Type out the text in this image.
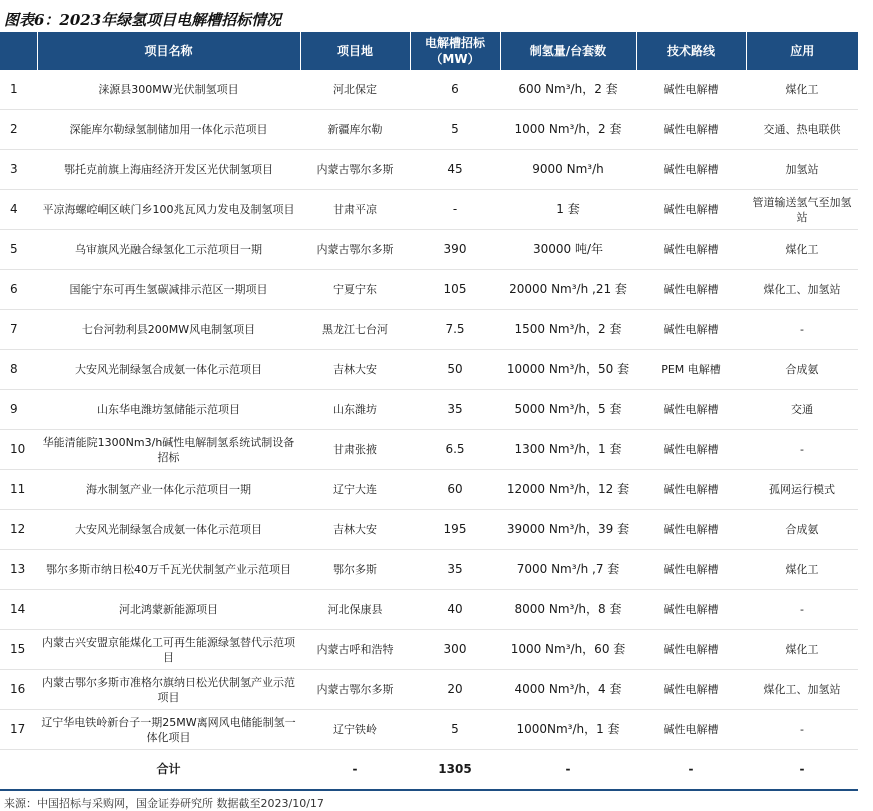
图表6：2023年绿氢项目电解槽招标情况
	项目名称	项目地	电解槽招标（MW）	制氢量/台套数	技术路线	应用
1	涞源县300MW光伏制氢项目	河北保定	6	600 Nm³/h，2 套	碱性电解槽	煤化工
2	深能库尔勒绿氢制储加用一体化示范项目	新疆库尔勒	5	1000 Nm³/h，2 套	碱性电解槽	交通、热电联供
3	鄂托克前旗上海庙经济开发区光伏制氢项目	内蒙古鄂尔多斯	45	9000 Nm³/h	碱性电解槽	加氢站
4	平凉海螺崆峒区峡门乡100兆瓦风力发电及制氢项目	甘肃平凉	-	1 套	碱性电解槽	管道输送氢气至加氢站
5	乌审旗风光融合绿氢化工示范项目一期	内蒙古鄂尔多斯	390	30000 吨/年	碱性电解槽	煤化工
6	国能宁东可再生氢碳减排示范区一期项目	宁夏宁东	105	20000 Nm³/h ,21 套	碱性电解槽	煤化工、加氢站
7	七台河勃利县200MW风电制氢项目	黑龙江七台河	7.5	1500 Nm³/h，2 套	碱性电解槽	-
8	大安风光制绿氢合成氨一体化示范项目	吉林大安	50	10000 Nm³/h，50 套	PEM 电解槽	合成氨
9	山东华电潍坊氢储能示范项目	山东潍坊	35	5000 Nm³/h，5 套	碱性电解槽	交通
10	华能清能院1300Nm3/h碱性电解制氢系统试制设备招标	甘肃张掖	6.5	1300 Nm³/h，1 套	碱性电解槽	-
11	海水制氢产业一体化示范项目一期	辽宁大连	60	12000 Nm³/h，12 套	碱性电解槽	孤网运行模式
12	大安风光制绿氢合成氨一体化示范项目	吉林大安	195	39000 Nm³/h，39 套	碱性电解槽	合成氨
13	鄂尔多斯市纳日松40万千瓦光伏制氢产业示范项目	鄂尔多斯	35	7000 Nm³/h ,7 套	碱性电解槽	煤化工
14	河北鸿蒙新能源项目	河北保康县	40	8000 Nm³/h，8 套	碱性电解槽	-
15	内蒙古兴安盟京能煤化工可再生能源绿氢替代示范项目	内蒙古呼和浩特	300	1000 Nm³/h，60 套	碱性电解槽	煤化工
16	内蒙古鄂尔多斯市准格尔旗纳日松光伏制氢产业示范项目	内蒙古鄂尔多斯	20	4000 Nm³/h，4 套	碱性电解槽	煤化工、加氢站
17	辽宁华电铁岭新台子一期25MW离网风电储能制氢一体化项目	辽宁铁岭	5	1000Nm³/h，1 套	碱性电解槽	-
	合计	-	1305	-	-	-
来源：中国招标与采购网，国金证券研究所 数据截至2023/10/17
